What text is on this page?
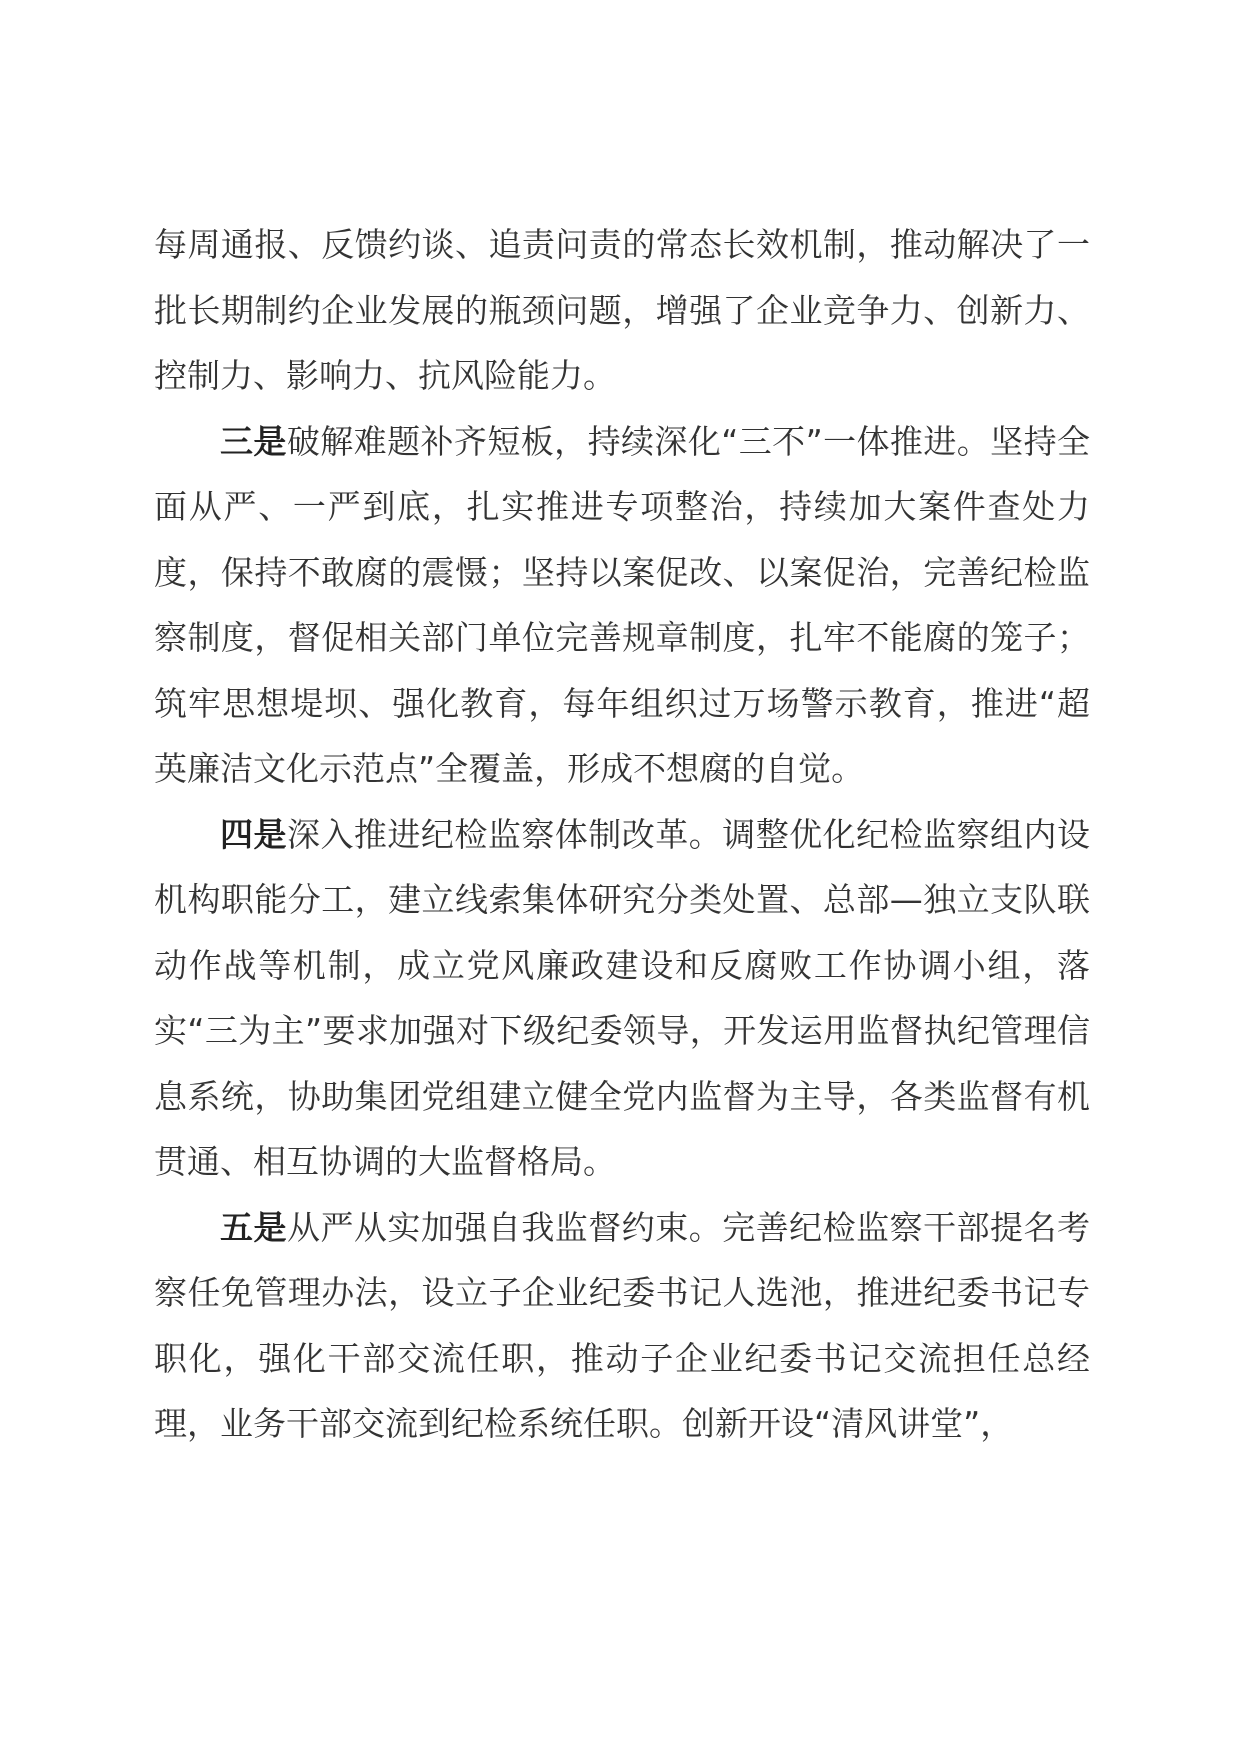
每周通报、反馈约谈、追责问责的常态长效机制，推动解决了一批长期制约企业发展的瓶颈问题，增强了企业竞争力、创新力、控制力、影响力、抗风险能力。

三是破解难题补齐短板，持续深化“三不”一体推进。坚持全面从严、一严到底，扎实推进专项整治，持续加大案件查处力度，保持不敢腐的震慑；坚持以案促改、以案促治，完善纪检监察制度，督促相关部门单位完善规章制度，扎牢不能腐的笼子；筑牢思想堤坝、强化教育，每年组织过万场警示教育，推进“超英廉洁文化示范点”全覆盖，形成不想腐的自觉。

四是深入推进纪检监察体制改革。调整优化纪检监察组内设机构职能分工，建立线索集体研究分类处置、总部—独立支队联动作战等机制，成立党风廉政建设和反腐败工作协调小组，落实“三为主”要求加强对下级纪委领导，开发运用监督执纪管理信息系统，协助集团党组建立健全党内监督为主导，各类监督有机贯通、相互协调的大监督格局。

五是从严从实加强自我监督约束。完善纪检监察干部提名考察任免管理办法，设立子企业纪委书记人选池，推进纪委书记专职化，强化干部交流任职，推动子企业纪委书记交流担任总经理，业务干部交流到纪检系统任职。创新开设“清风讲堂”，
